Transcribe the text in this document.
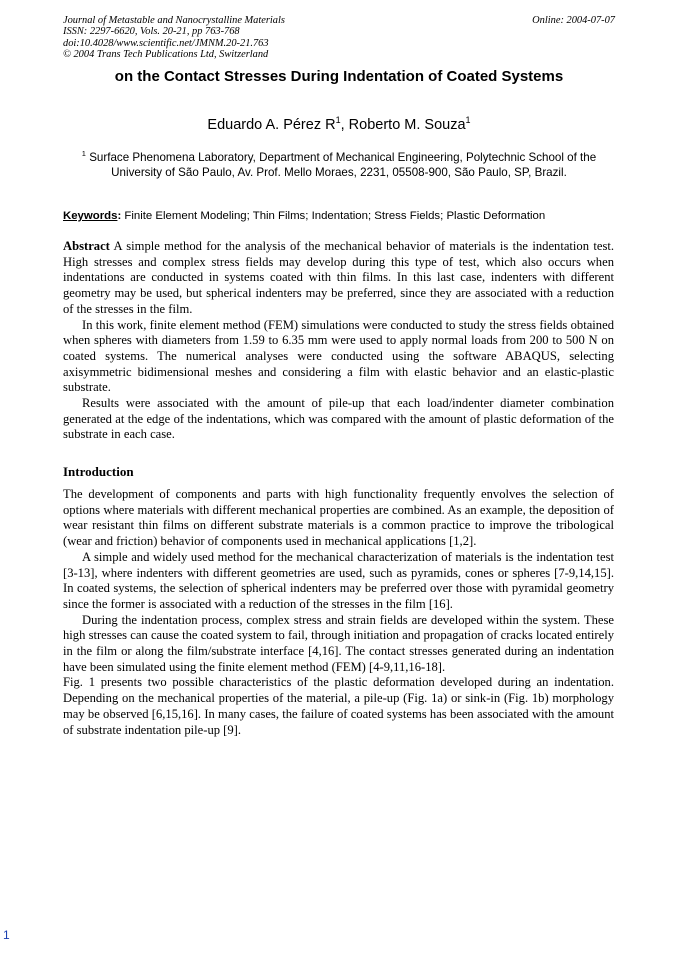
Journal of Metastable and Nanocrystalline Materials
ISSN: 2297-6620, Vols. 20-21, pp 763-768
doi:10.4028/www.scientific.net/JMNM.20-21.763
© 2004 Trans Tech Publications Ltd, Switzerland
Online: 2004-07-07
on the Contact Stresses During Indentation of Coated Systems
Eduardo A. Pérez $R^1$, Roberto M. Souza$^1$
$^1$ Surface Phenomena Laboratory, Department of Mechanical Engineering, Polytechnic School of the University of São Paulo, Av. Prof. Mello Moraes, 2231, 05508-900, São Paulo, SP, Brazil.
Keywords: Finite Element Modeling; Thin Films; Indentation; Stress Fields; Plastic Deformation

Abstract A simple method for the analysis of the mechanical behavior of materials is the indentation test. High stresses and complex stress fields may develop during this type of test, which also occurs when indentations are conducted in systems coated with thin films. In this last case, indenters with different geometry may be used, but spherical indenters may be preferred, since they are associated with a reduction of the stresses in the film.

In this work, finite element method (FEM) simulations were conducted to study the stress fields obtained when spheres with diameters from 1.59 to 6.35 mm were used to apply normal loads from 200 to 500 N on coated systems. The numerical analyses were conducted using the software ABAQUS, selecting axisymmetric bidimensional meshes and considering a film with elastic behavior and an elastic-plastic substrate.

Results were associated with the amount of pile-up that each load/indenter diameter combination generated at the edge of the indentations, which was compared with the amount of plastic deformation of the substrate in each case.

Introduction

The development of components and parts with high functionality frequently envolves the selection of options where materials with different mechanical properties are combined. As an example, the deposition of wear resistant thin films on different substrate materials is a common practice to improve the tribological (wear and friction) behavior of components used in mechanical applications [1,2].

A simple and widely used method for the mechanical characterization of materials is the indentation test [3-13], where indenters with different geometries are used, such as pyramids, cones or spheres [7-9,14,15]. In coated systems, the selection of spherical indenters may be preferred over those with pyramidal geometry since the former is associated with a reduction of the stresses in the film [16].

During the indentation process, complex stress and strain fields are developed within the system. These high stresses can cause the coated system to fail, through initiation and propagation of cracks located entirely in the film or along the film/substrate interface [4,16]. The contact stresses generated during an indentation have been simulated using the finite element method (FEM) [4-9,11,16-18].

Fig. 1 presents two possible characteristics of the plastic deformation developed during an indentation. Depending on the mechanical properties of the material, a pile-up (Fig. 1a) or sink-in (Fig. 1b) morphology may be observed [6,15,16]. In many cases, the failure of coated systems has been associated with the amount of substrate indentation pile-up [9].

1
